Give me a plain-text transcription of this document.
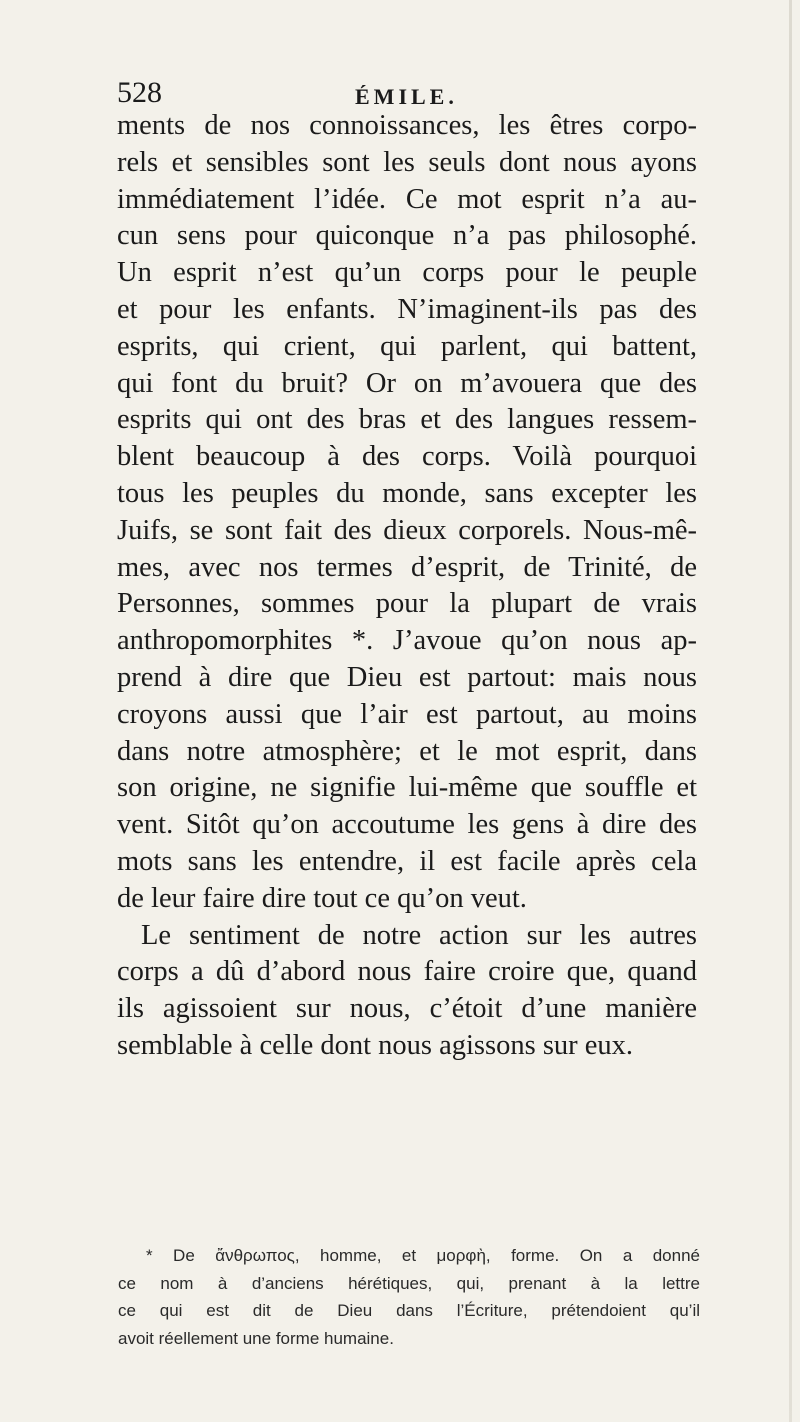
528	ÉMILE.
ments de nos connoissances, les êtres corpo-
rels et sensibles sont les seuls dont nous ayons
immédiatement l’idée. Ce mot esprit n’a au-
cun sens pour quiconque n’a pas philosophé.
Un esprit n’est qu’un corps pour le peuple
et pour les enfants. N’imaginent-ils pas des
esprits, qui crient, qui parlent, qui battent,
qui font du bruit? Or on m’avouera que des
esprits qui ont des bras et des langues ressem-
blent beaucoup à des corps. Voilà pourquoi
tous les peuples du monde, sans excepter les
Juifs, se sont fait des dieux corporels. Nous-mê-
mes, avec nos termes d’esprit, de Trinité, de
Personnes, sommes pour la plupart de vrais
anthropomorphites *. J’avoue qu’on nous ap-
prend à dire que Dieu est partout: mais nous
croyons aussi que l’air est partout, au moins
dans notre atmosphère; et le mot esprit, dans
son origine, ne signifie lui-même que souffle et
vent. Sitôt qu’on accoutume les gens à dire des
mots sans les entendre, il est facile après cela
de leur faire dire tout ce qu’on veut.
Le sentiment de notre action sur les autres
corps a dû d’abord nous faire croire que, quand
ils agissoient sur nous, c’étoit d’une manière
semblable à celle dont nous agissons sur eux.
* De ἄνθρωπος, homme, et μορφὴ, forme. On a donné
ce nom à d’anciens hérétiques, qui, prenant à la lettre
ce qui est dit de Dieu dans l’Écriture, prétendoient qu’il
avoit réellement une forme humaine.
